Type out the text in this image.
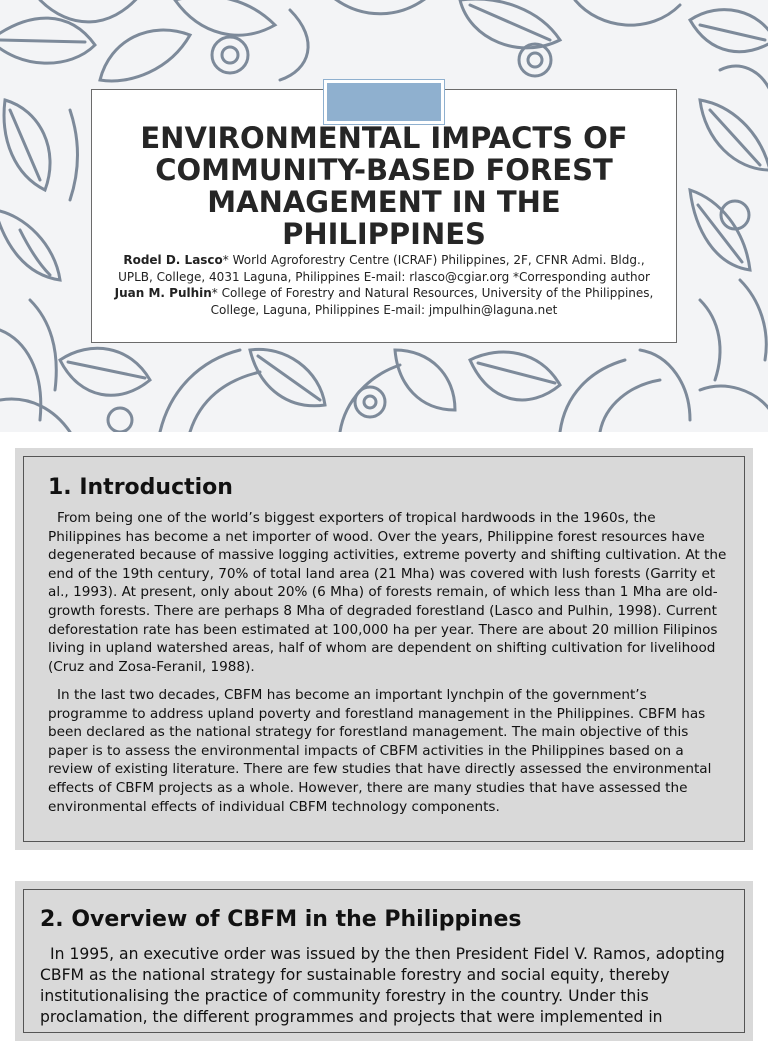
ENVIRONMENTAL IMPACTS OF COMMUNITY-BASED FOREST MANAGEMENT IN THE PHILIPPINES
Rodel D. Lasco* World Agroforestry Centre (ICRAF) Philippines, 2F, CFNR Admi. Bldg., UPLB, College, 4031 Laguna, Philippines E-mail: rlasco@cgiar.org *Corresponding author
Juan M. Pulhin* College of Forestry and Natural Resources, University of the Philippines, College, Laguna, Philippines E-mail: jmpulhin@laguna.net
1. Introduction

From being one of the world’s biggest exporters of tropical hardwoods in the 1960s, the Philippines has become a net importer of wood. Over the years, Philippine forest resources have degenerated because of massive logging activities, extreme poverty and shifting cultivation. At the end of the 19th century, 70% of total land area (21 Mha) was covered with lush forests (Garrity et al., 1993). At present, only about 20% (6 Mha) of forests remain, of which less than 1 Mha are old-growth forests. There are perhaps 8 Mha of degraded forestland (Lasco and Pulhin, 1998). Current deforestation rate has been estimated at 100,000 ha per year. There are about 20 million Filipinos living in upland watershed areas, half of whom are dependent on shifting cultivation for livelihood (Cruz and Zosa-Feranil, 1988).

In the last two decades, CBFM has become an important lynchpin of the government’s programme to address upland poverty and forestland management in the Philippines. CBFM has been declared as the national strategy for forestland management. The main objective of this paper is to assess the environmental impacts of CBFM activities in the Philippines based on a review of existing literature. There are few studies that have directly assessed the environmental effects of CBFM projects as a whole. However, there are many studies that have assessed the environmental effects of individual CBFM technology components.

2. Overview of CBFM in the Philippines

In 1995, an executive order was issued by the then President Fidel V. Ramos, adopting CBFM as the national strategy for sustainable forestry and social equity, thereby institutionalising the practice of community forestry in the country. Under this proclamation, the different programmes and projects that were implemented in
